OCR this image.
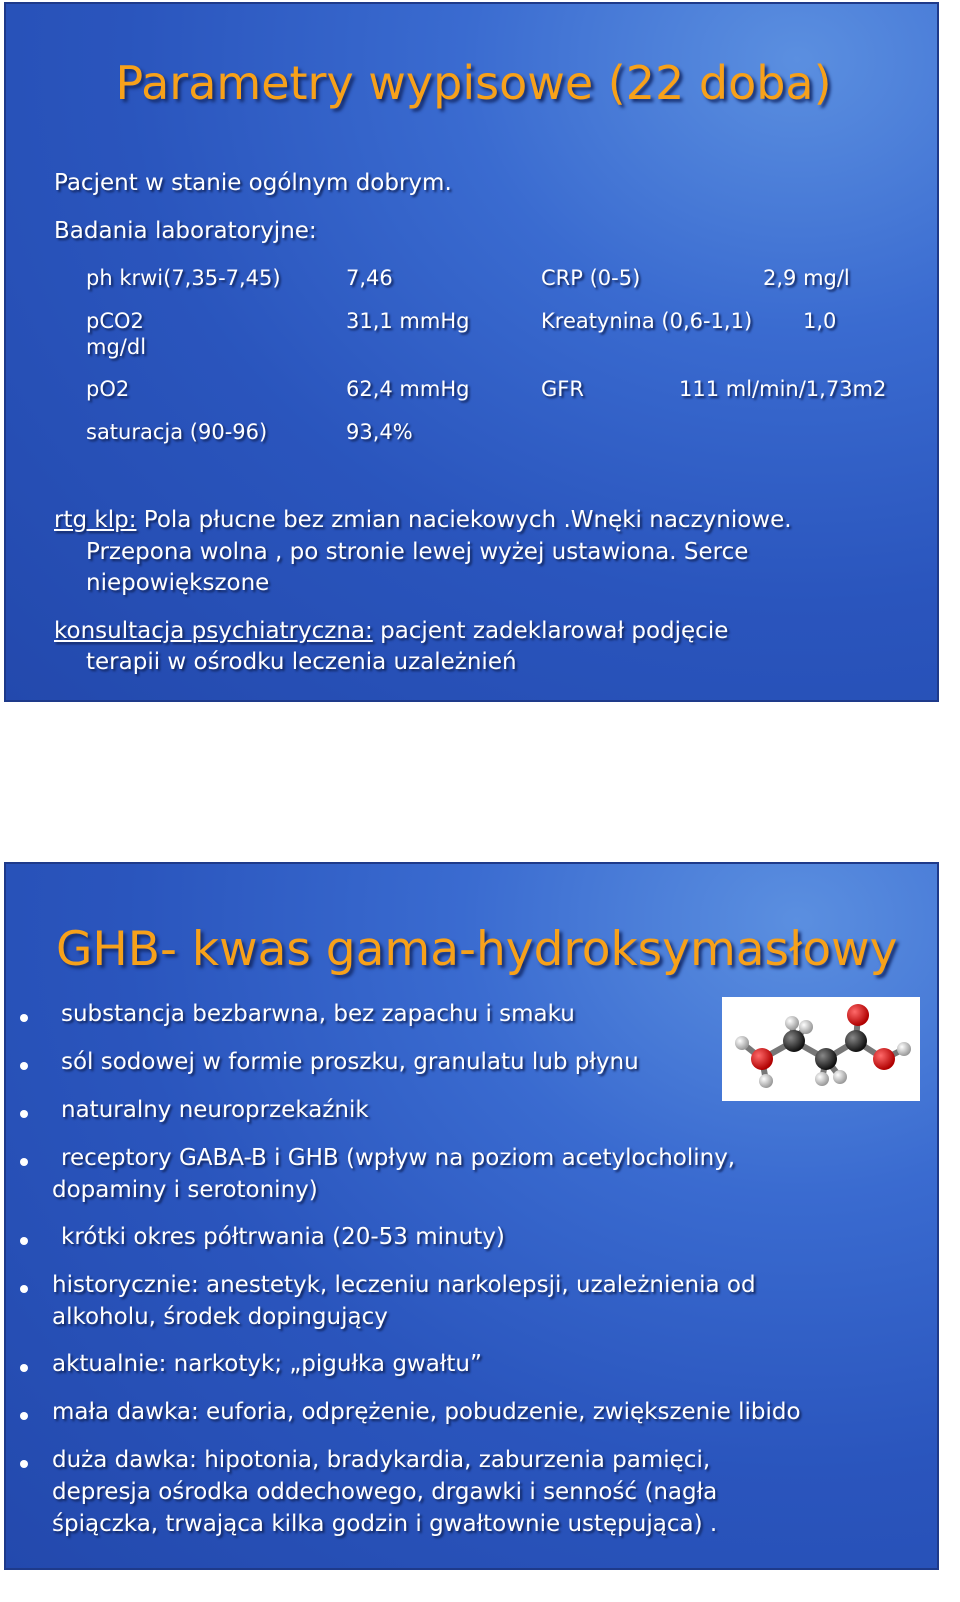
Parametry wypisowe (22 doba)
Pacjent w stanie ogólnym dobrym.
Badania laboratoryjne:
ph krwi(7,35-7,45)	7,46	CRP (0-5)	2,9 mg/l
pCO2	31,1 mmHg	Kreatynina (0,6-1,1) 1,0
mg/dl
pO2	62,4 mmHg	GFR	111 ml/min/1,73m2
saturacja (90-96)	93,4%
rtg klp: Pola płucne bez zmian naciekowych .Wnęki naczyniowe.
Przepona wolna , po stronie lewej wyżej ustawiona. Serce
niepowiększone
konsultacja psychiatryczna: pacjent zadeklarował podjęcie
terapii w ośrodku leczenia uzależnień
GHB- kwas gama-hydroksymasłowy
substancja bezbarwna, bez zapachu i smaku
sól sodowej w formie proszku, granulatu lub płynu
naturalny neuroprzekaźnik
receptory GABA-B i GHB (wpływ na poziom acetylocholiny,
dopaminy i serotoniny)
krótki okres półtrwania (20-53 minuty)
historycznie: anestetyk, leczeniu narkolepsji, uzależnienia od
alkoholu, środek dopingujący
aktualnie: narkotyk; „pigułka gwałtu”
mała dawka: euforia, odprężenie, pobudzenie, zwiększenie libido
duża dawka: hipotonia, bradykardia, zaburzenia pamięci,
depresja ośrodka oddechowego, drgawki i senność (nagła
śpiączka, trwająca kilka godzin i gwałtownie ustępująca) .
